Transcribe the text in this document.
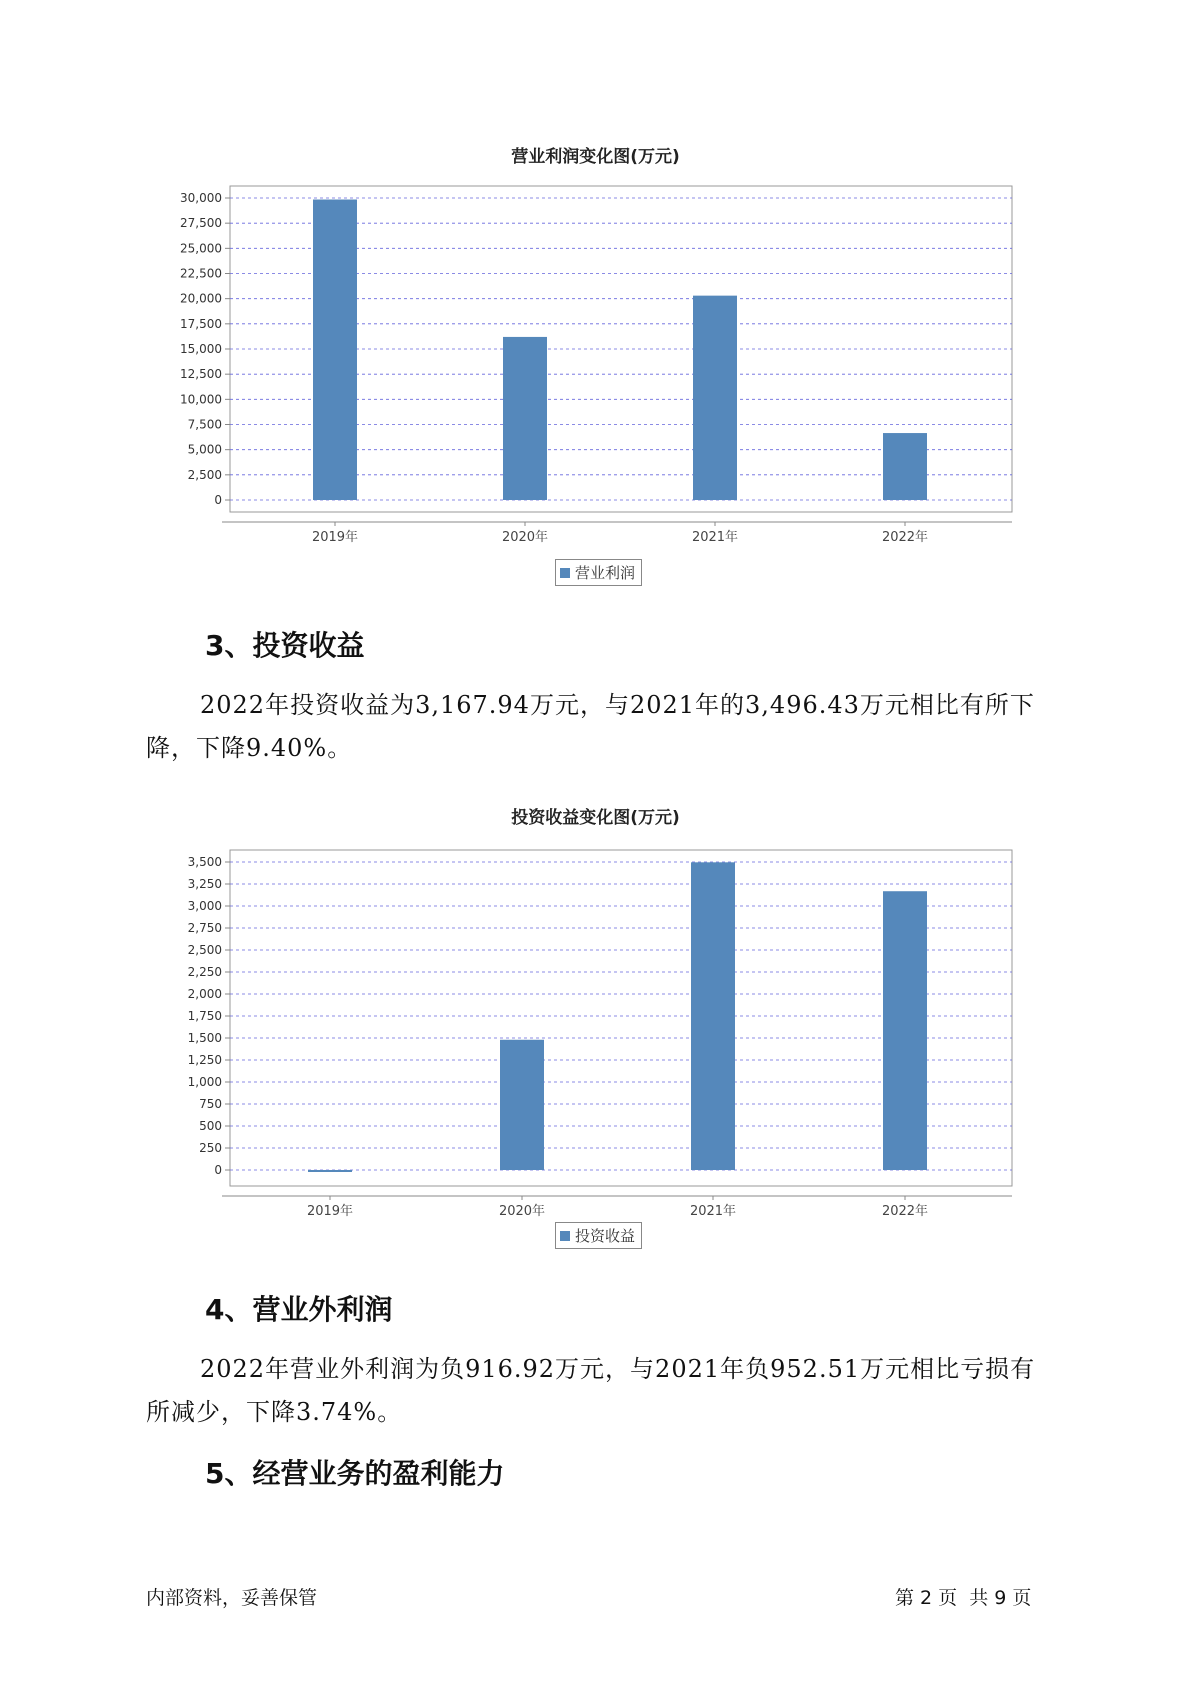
营业利润变化图(万元)
0
2,500
5,000
7,500
10,000
12,500
15,000
17,500
20,000
22,500
25,000
27,500
30,000
2019年	2020年	2021年	2022年
营业利润
3、投资收益
2022年投资收益为3,167.94万元，与2021年的3,496.43万元相比有所下降，下降9.40%。
投资收益变化图(万元)
0
250
500
750
1,000
1,250
1,500
1,750
2,000
2,250
2,500
2,750
3,000
3,250
3,500
2019年	2020年	2021年	2022年
投资收益
4、营业外利润
2022年营业外利润为负916.92万元，与2021年负952.51万元相比亏损有所减少，下降3.74%。
5、经营业务的盈利能力
内部资料，妥善保管	第 2 页  共 9 页
